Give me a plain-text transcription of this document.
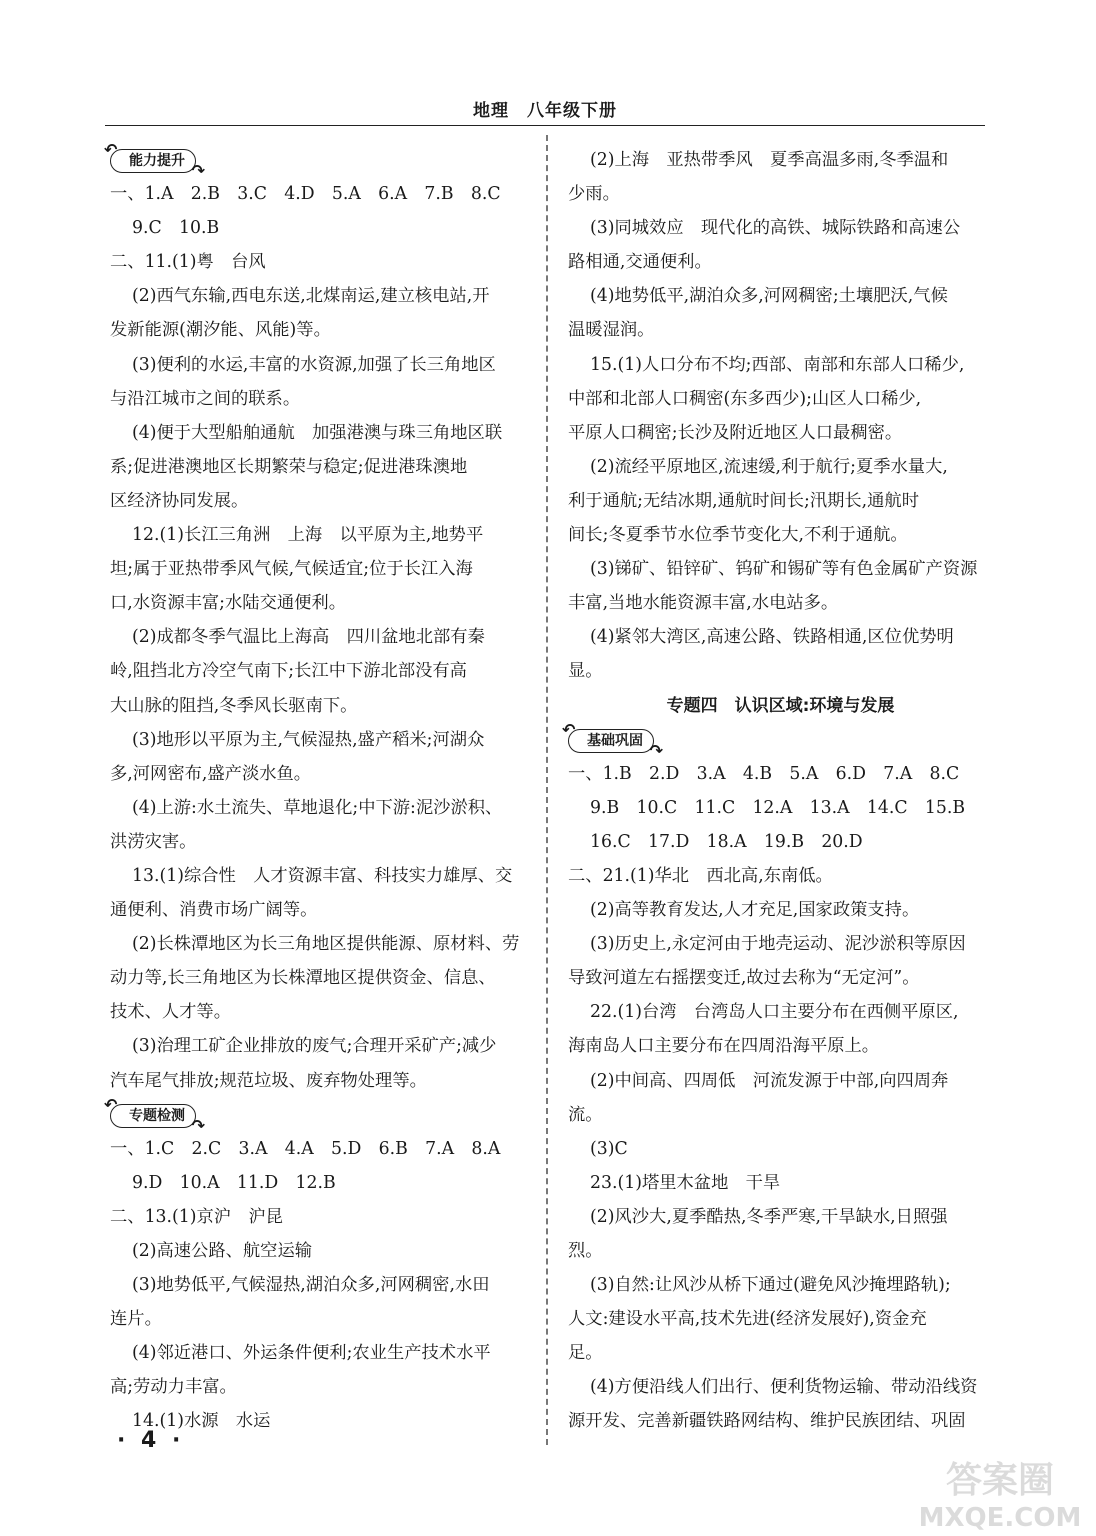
地理　八年级下册
↶
能力提升 ↷
一、1.A　2.B　3.C　4.D　5.A　6.A　7.B　8.C
9.C　10.B
二、11.(1)粤　台风
(2)西气东输,西电东送,北煤南运,建立核电站,开
发新能源(潮汐能、风能)等。
(3)便利的水运,丰富的水资源,加强了长三角地区
与沿江城市之间的联系。
(4)便于大型船舶通航　加强港澳与珠三角地区联
系;促进港澳地区长期繁荣与稳定;促进港珠澳地
区经济协同发展。
12.(1)长江三角洲　上海　以平原为主,地势平
坦;属于亚热带季风气候,气候适宜;位于长江入海
口,水资源丰富;水陆交通便利。
(2)成都冬季气温比上海高　四川盆地北部有秦
岭,阻挡北方冷空气南下;长江中下游北部没有高
大山脉的阻挡,冬季风长驱南下。
(3)地形以平原为主,气候湿热,盛产稻米;河湖众
多,河网密布,盛产淡水鱼。
(4)上游:水土流失、草地退化;中下游:泥沙淤积、
洪涝灾害。
13.(1)综合性　人才资源丰富、科技实力雄厚、交
通便利、消费市场广阔等。
(2)长株潭地区为长三角地区提供能源、原材料、劳
动力等,长三角地区为长株潭地区提供资金、信息、
技术、人才等。
(3)治理工矿企业排放的废气;合理开采矿产;减少
汽车尾气排放;规范垃圾、废弃物处理等。
↶
专题检测 ↷
一、1.C　2.C　3.A　4.A　5.D　6.B　7.A　8.A
9.D　10.A　11.D　12.B
二、13.(1)京沪　沪昆
(2)高速公路、航空运输
(3)地势低平,气候湿热,湖泊众多,河网稠密,水田
连片。
(4)邻近港口、外运条件便利;农业生产技术水平
高;劳动力丰富。
14.(1)水源　水运
(2)上海　亚热带季风　夏季高温多雨,冬季温和
少雨。
(3)同城效应　现代化的高铁、城际铁路和高速公
路相通,交通便利。
(4)地势低平,湖泊众多,河网稠密;土壤肥沃,气候
温暖湿润。
15.(1)人口分布不均;西部、南部和东部人口稀少,
中部和北部人口稠密(东多西少);山区人口稀少,
平原人口稠密;长沙及附近地区人口最稠密。
(2)流经平原地区,流速缓,利于航行;夏季水量大,
利于通航;无结冰期,通航时间长;汛期长,通航时
间长;冬夏季节水位季节变化大,不利于通航。
(3)锑矿、铅锌矿、钨矿和锡矿等有色金属矿产资源
丰富,当地水能资源丰富,水电站多。
(4)紧邻大湾区,高速公路、铁路相通,区位优势明
显。
专题四　认识区域:环境与发展
↶
基础巩固 ↷
一、1.B　2.D　3.A　4.B　5.A　6.D　7.A　8.C
9.B　10.C　11.C　12.A　13.A　14.C　15.B
16.C　17.D　18.A　19.B　20.D
二、21.(1)华北　西北高,东南低。
(2)高等教育发达,人才充足,国家政策支持。
(3)历史上,永定河由于地壳运动、泥沙淤积等原因
导致河道左右摇摆变迁,故过去称为“无定河”。
22.(1)台湾　台湾岛人口主要分布在西侧平原区,
海南岛人口主要分布在四周沿海平原上。
(2)中间高、四周低　河流发源于中部,向四周奔
流。
(3)C
23.(1)塔里木盆地　干旱
(2)风沙大,夏季酷热,冬季严寒,干旱缺水,日照强
烈。
(3)自然:让风沙从桥下通过(避免风沙掩埋路轨);
人文:建设水平高,技术先进(经济发展好),资金充
足。
(4)方便沿线人们出行、便利货物运输、带动沿线资
源开发、完善新疆铁路网结构、维护民族团结、巩固
· 4 ·
答案圈
MXQE.COM
